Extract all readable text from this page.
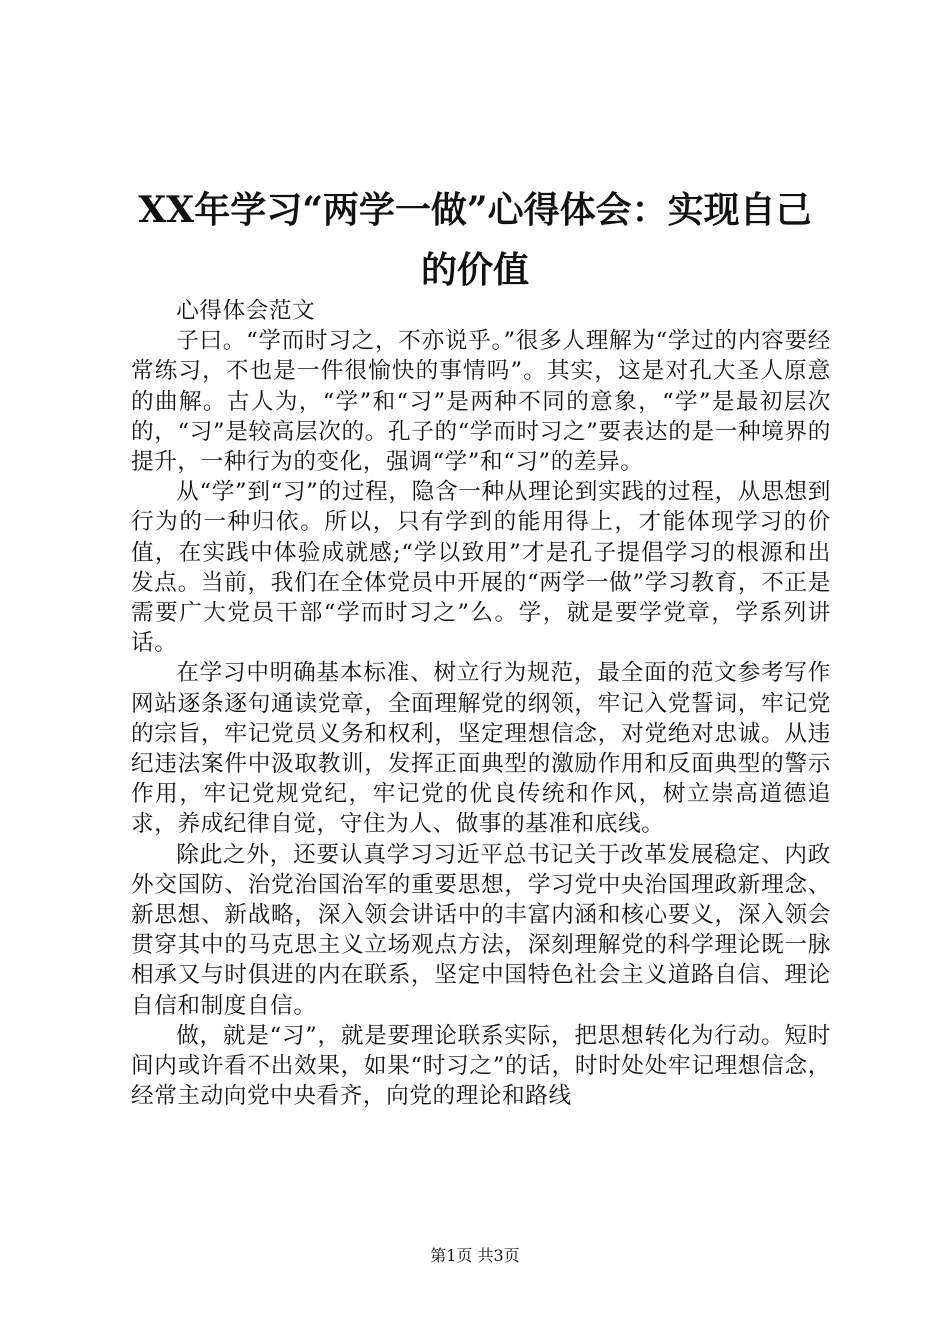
XX年学习“两学一做”心得体会：实现自己
的价值

心得体会范文

子曰。“学而时习之，不亦说乎。”很多人理解为“学过的内容要经常练习，不也是一件很愉快的事情吗”。其实，这是对孔大圣人原意的曲解。古人为，“学”和“习”是两种不同的意象，“学”是最初层次的，“习”是较高层次的。孔子的“学而时习之”要表达的是一种境界的提升，一种行为的变化，强调“学”和“习”的差异。

从“学”到“习”的过程，隐含一种从理论到实践的过程，从思想到行为的一种归依。所以，只有学到的能用得上，才能体现学习的价值，在实践中体验成就感;“学以致用”才是孔子提倡学习的根源和出发点。当前，我们在全体党员中开展的“两学一做”学习教育，不正是需要广大党员干部“学而时习之”么。学，就是要学党章，学系列讲话。

在学习中明确基本标准、树立行为规范，最全面的范文参考写作网站逐条逐句通读党章，全面理解党的纲领，牢记入党誓词，牢记党的宗旨，牢记党员义务和权利，坚定理想信念，对党绝对忠诚。从违纪违法案件中汲取教训，发挥正面典型的激励作用和反面典型的警示作用，牢记党规党纪，牢记党的优良传统和作风，树立崇高道德追求，养成纪律自觉，守住为人、做事的基准和底线。

除此之外，还要认真学习习近平总书记关于改革发展稳定、内政外交国防、治党治国治军的重要思想，学习党中央治国理政新理念、新思想、新战略，深入领会讲话中的丰富内涵和核心要义，深入领会贯穿其中的马克思主义立场观点方法，深刻理解党的科学理论既一脉相承又与时俱进的内在联系，坚定中国特色社会主义道路自信、理论自信和制度自信。

做，就是“习”，就是要理论联系实际，把思想转化为行动。短时间内或许看不出效果，如果“时习之”的话，时时处处牢记理想信念，经常主动向党中央看齐，向党的理论和路线

第1页 共3页
